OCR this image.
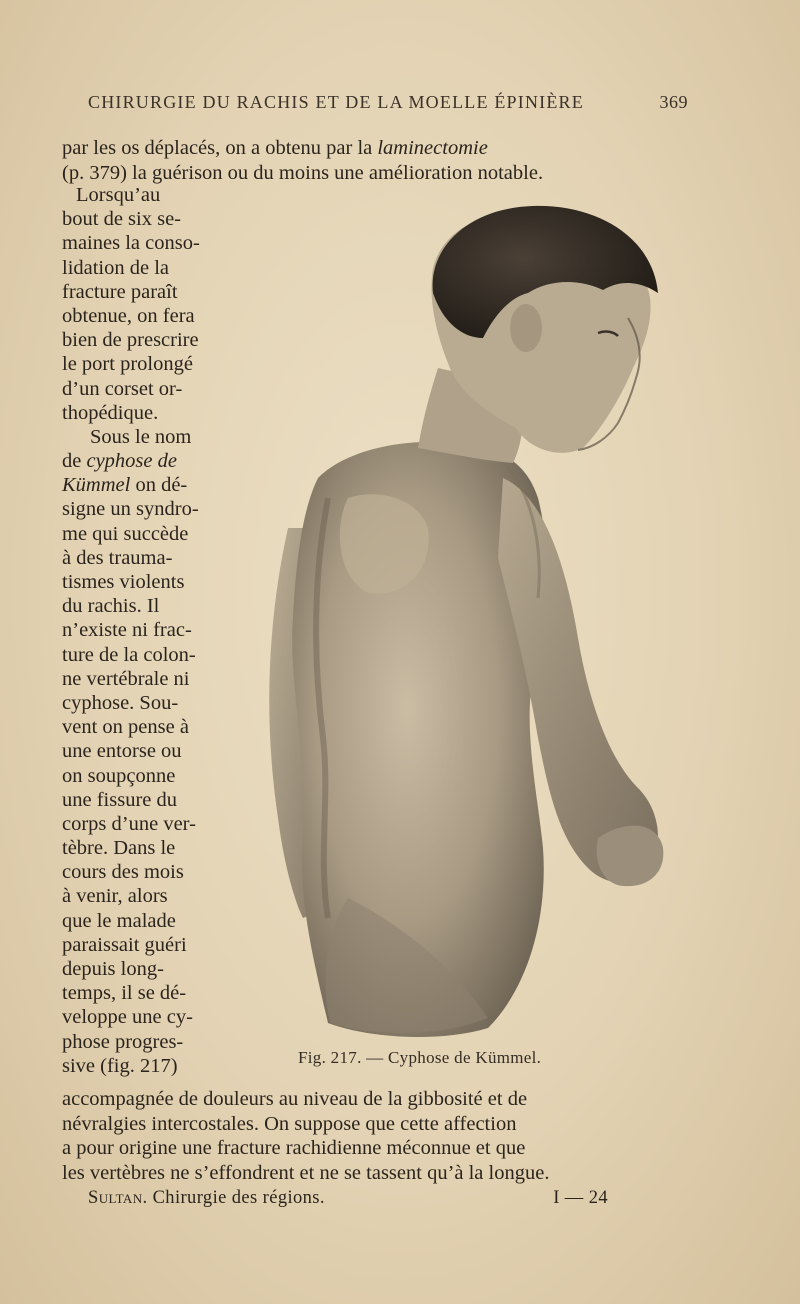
CHIRURGIE DU RACHIS ET DE LA MOELLE ÉPINIÈRE	369
par les os déplacés, on a obtenu par la laminectomie
(p. 379) la guérison ou du moins une amélioration notable.
Lorsqu’au
bout de six se-
maines la conso-
lidation de la
fracture paraît
obtenue, on fera
bien de prescrire
le port prolongé
d’un corset or-
thopédique.
Sous le nom
de cyphose de
Kümmel on dé-
signe un syndro-
me qui succède
à des trauma-
tismes violents
du rachis. Il
n’existe ni frac-
ture de la colon-
ne vertébrale ni
cyphose. Sou-
vent on pense à
une entorse ou
on soupçonne
une fissure du
corps d’une ver-
tèbre. Dans le
cours des mois
à venir, alors
que le malade
paraissait guéri
depuis long-
temps, il se dé-
veloppe une cy-
phose progres-
sive (fig. 217)	Fig. 217. — Cyphose de Kümmel.
accompagnée de douleurs au niveau de la gibbosité et de
névralgies intercostales. On suppose que cette affection
a pour origine une fracture rachidienne méconnue et que
les vertèbres ne s’effondrent et ne se tassent qu’à la longue.
Sultan. Chirurgie des régions.	I — 24
